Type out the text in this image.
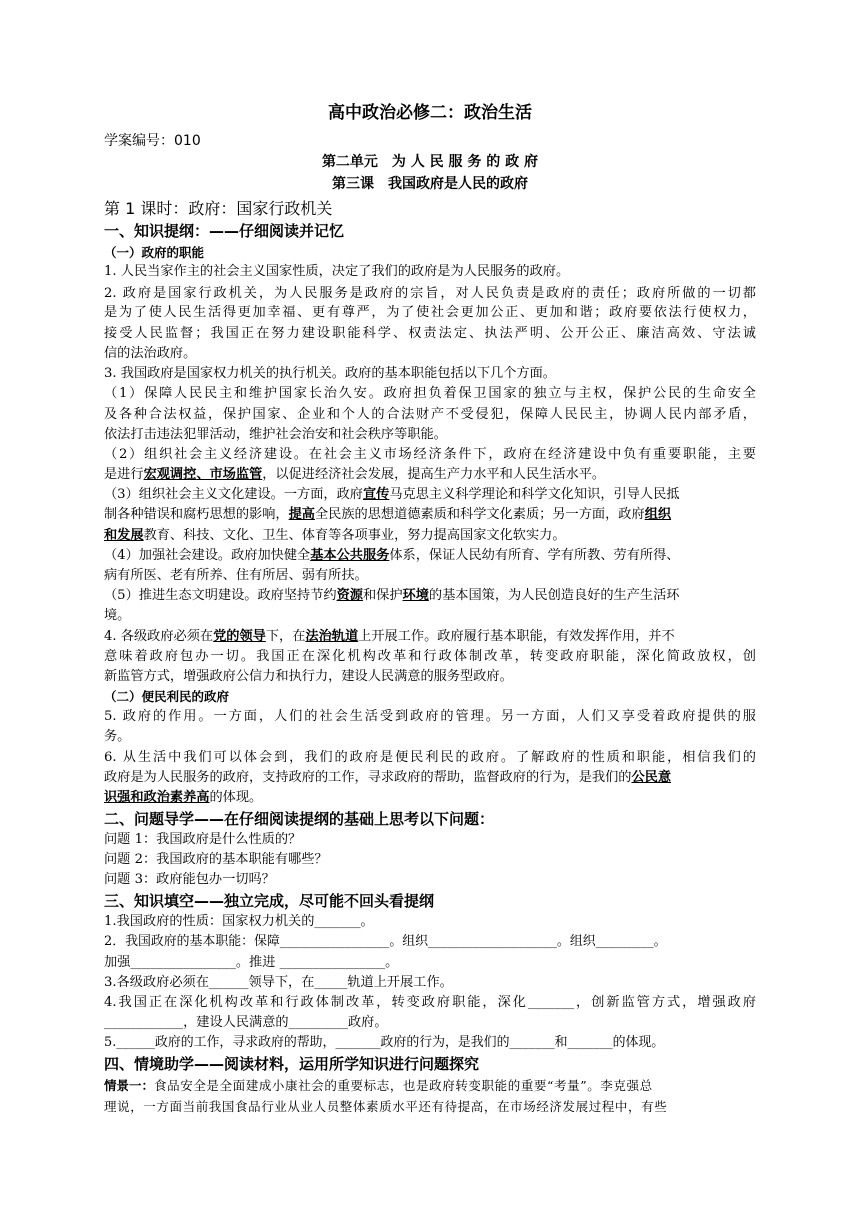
高中政治必修二：政治生活
学案编号：010
第二单元　为 人 民 服 务 的 政 府
第三课　我国政府是人民的政府
第 1 课时：政府：国家行政机关
一、知识提纲：——仔细阅读并记忆
（一）政府的职能
1. 人民当家作主的社会主义国家性质，决定了我们的政府是为人民服务的政府。
2. 政府是国家行政机关，为人民服务是政府的宗旨，对人民负责是政府的责任；政府所做的一切都
是为了使人民生活得更加幸福、更有尊严，为了使社会更加公正、更加和谐；政府要依法行使权力，
接受人民监督；我国正在努力建设职能科学、权责法定、执法严明、公开公正、廉洁高效、守法诚
信的法治政府。
3. 我国政府是国家权力机关的执行机关。政府的基本职能包括以下几个方面。
（1）保障人民民主和维护国家长治久安。政府担负着保卫国家的独立与主权，保护公民的生命安全
及各种合法权益，保护国家、企业和个人的合法财产不受侵犯，保障人民民主，协调人民内部矛盾，
依法打击违法犯罪活动，维护社会治安和社会秩序等职能。
（2）组织社会主义经济建设。在社会主义市场经济条件下，政府在经济建设中负有重要职能，主要
是进行宏观调控、市场监管，以促进经济社会发展，提高生产力水平和人民生活水平。
（3）组织社会主义文化建设。一方面，政府宣传马克思主义科学理论和科学文化知识，引导人民抵
制各种错误和腐朽思想的影响，提高全民族的思想道德素质和科学文化素质；另一方面，政府组织
和发展教育、科技、文化、卫生、体育等各项事业，努力提高国家文化软实力。
（4）加强社会建设。政府加快健全基本公共服务体系，保证人民幼有所育、学有所教、劳有所得、
病有所医、老有所养、住有所居、弱有所扶。
（5）推进生态文明建设。政府坚持节约资源和保护环境的基本国策，为人民创造良好的生产生活环
境。
4. 各级政府必须在党的领导下，在法治轨道上开展工作。政府履行基本职能，有效发挥作用，并不
意味着政府包办一切。我国正在深化机构改革和行政体制改革，转变政府职能，深化简政放权，创
新监管方式，增强政府公信力和执行力，建设人民满意的服务型政府。
（二）便民利民的政府
5. 政府的作用。一方面，人们的社会生活受到政府的管理。另一方面，人们又享受着政府提供的服
务。
6. 从生活中我们可以体会到，我们的政府是便民利民的政府。了解政府的性质和职能，相信我们的
政府是为人民服务的政府，支持政府的工作，寻求政府的帮助，监督政府的行为，是我们的公民意
识强和政治素养高的体现。
二、问题导学——在仔细阅读提纲的基础上思考以下问题：
问题 1：我国政府是什么性质的？
问题 2：我国政府的基本职能有哪些？
问题 3：政府能包办一切吗？
三、知识填空——独立完成，尽可能不回头看提纲
1.我国政府的性质：国家权力机关的_______。
2．我国政府的基本职能：保障_________________。组织____________________。组织_________。
加强________________。推进 ________________。
3.各级政府必须在______领导下，在_____轨道上开展工作。
4.我国正在深化机构改革和行政体制改革，转变政府职能，深化_______，创新监管方式，增强政府
____________，建设人民满意的_________政府。
5.______政府的工作，寻求政府的帮助，_______政府的行为，是我们的_______和_______的体现。
四、情境助学——阅读材料，运用所学知识进行问题探究
情景一：食品安全是全面建成小康社会的重要标志，也是政府转变职能的重要“考量”。李克强总
理说，一方面当前我国食品行业从业人员整体素质水平还有待提高，在市场经济发展过程中，有些
